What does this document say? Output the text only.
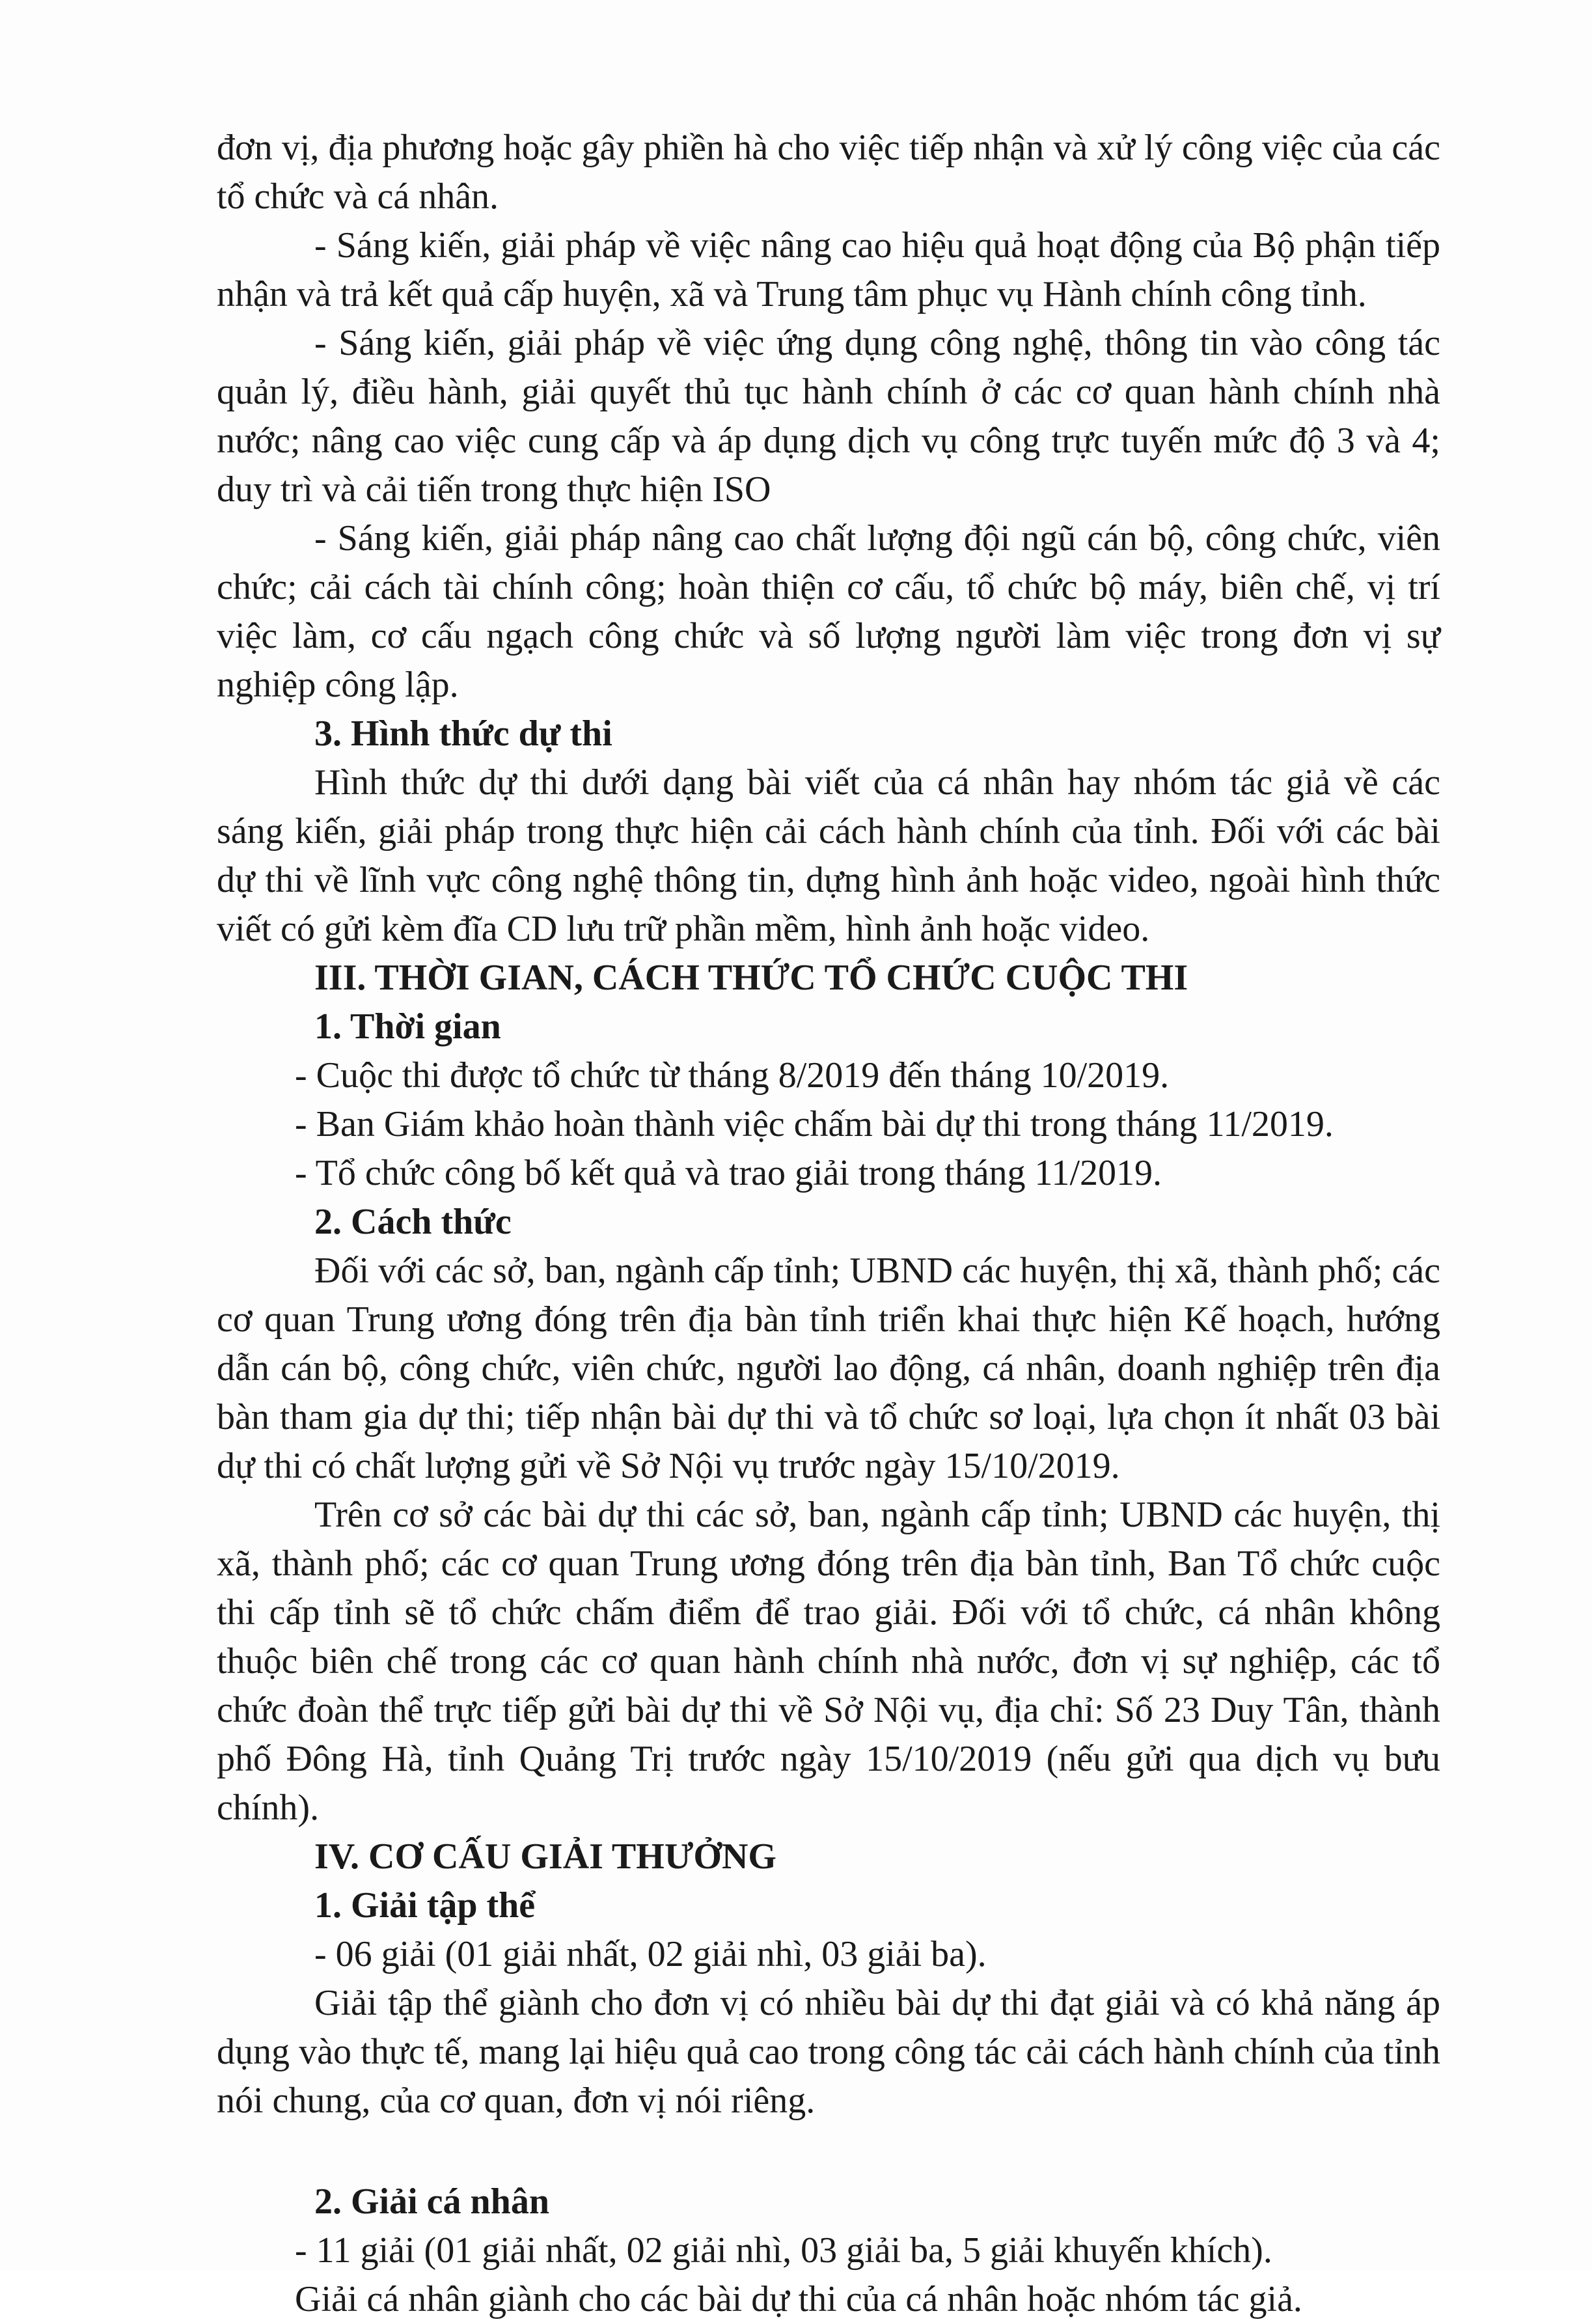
đơn vị, địa phương hoặc gây phiền hà cho việc tiếp nhận và xử lý công việc của các tổ chức và cá nhân.

- Sáng kiến, giải pháp về việc nâng cao hiệu quả hoạt động của Bộ phận tiếp nhận và trả kết quả cấp huyện, xã và Trung tâm phục vụ Hành chính công tỉnh.

- Sáng kiến, giải pháp về việc ứng dụng công nghệ, thông tin vào công tác quản lý, điều hành, giải quyết thủ tục hành chính ở các cơ quan hành chính nhà nước; nâng cao việc cung cấp và áp dụng dịch vụ công trực tuyến mức độ 3 và 4; duy trì và cải tiến trong thực hiện ISO

- Sáng kiến, giải pháp nâng cao chất lượng đội ngũ cán bộ, công chức, viên chức; cải cách tài chính công; hoàn thiện cơ cấu, tổ chức bộ máy, biên chế, vị trí việc làm, cơ cấu ngạch công chức và số lượng người làm việc trong đơn vị sự nghiệp công lập.

3. Hình thức dự thi

Hình thức dự thi dưới dạng bài viết của cá nhân hay nhóm tác giả về các sáng kiến, giải pháp trong thực hiện cải cách hành chính của tỉnh. Đối với các bài dự thi về lĩnh vực công nghệ thông tin, dựng hình ảnh hoặc video, ngoài hình thức viết có gửi kèm đĩa CD lưu trữ phần mềm, hình ảnh hoặc video.

III. THỜI GIAN, CÁCH THỨC TỔ CHỨC CUỘC THI

1. Thời gian

- Cuộc thi được tổ chức từ tháng 8/2019 đến tháng 10/2019.

- Ban Giám khảo hoàn thành việc chấm bài dự thi trong tháng 11/2019.

- Tổ chức công bố kết quả và trao giải trong tháng 11/2019.

2. Cách thức

Đối với các sở, ban, ngành cấp tỉnh; UBND các huyện, thị xã, thành phố; các cơ quan Trung ương đóng trên địa bàn tỉnh triển khai thực hiện Kế hoạch, hướng dẫn cán bộ, công chức, viên chức, người lao động, cá nhân, doanh nghiệp trên địa bàn tham gia dự thi; tiếp nhận bài dự thi và tổ chức sơ loại, lựa chọn ít nhất 03 bài dự thi có chất lượng gửi về Sở Nội vụ trước ngày 15/10/2019.

Trên cơ sở các bài dự thi các sở, ban, ngành cấp tỉnh; UBND các huyện, thị xã, thành phố; các cơ quan Trung ương đóng trên địa bàn tỉnh, Ban Tổ chức cuộc thi cấp tỉnh sẽ tổ chức chấm điểm để trao giải. Đối với tổ chức, cá nhân không thuộc biên chế trong các cơ quan hành chính nhà nước, đơn vị sự nghiệp, các tổ chức đoàn thể trực tiếp gửi bài dự thi về Sở Nội vụ, địa chỉ: Số 23 Duy Tân, thành phố Đông Hà, tỉnh Quảng Trị trước ngày 15/10/2019 (nếu gửi qua dịch vụ bưu chính).

IV. CƠ CẤU GIẢI THƯỞNG

1. Giải tập thể

- 06 giải (01 giải nhất, 02 giải nhì, 03 giải ba).

Giải tập thể giành cho đơn vị có nhiều bài dự thi đạt giải và có khả năng áp dụng vào thực tế, mang lại hiệu quả cao trong công tác cải cách hành chính của tỉnh nói chung, của cơ quan, đơn vị nói riêng.

2. Giải cá nhân

- 11 giải (01 giải nhất, 02 giải nhì, 03 giải ba, 5 giải khuyến khích).

Giải cá nhân giành cho các bài dự thi của cá nhân hoặc nhóm tác giả.
